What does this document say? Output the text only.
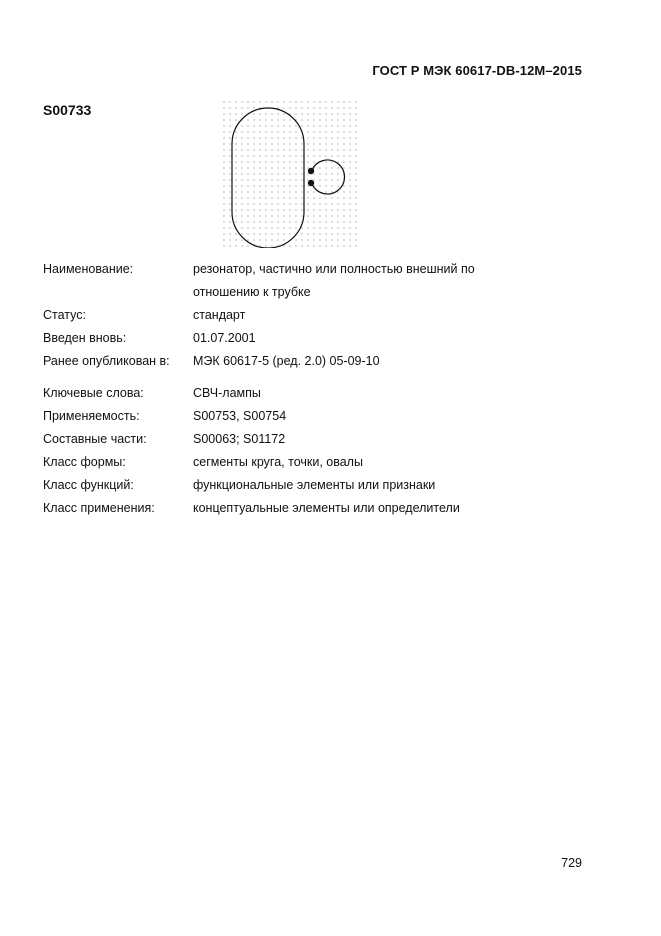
ГОСТ Р МЭК 60617-DB-12M–2015
S00733
Наименование:	резонатор, частично или полностью внешний по отношению к трубке
Статус:	стандарт
Введен вновь:	01.07.2001
Ранее опубликован в: МЭК 60617-5 (ред. 2.0) 05-09-10
Ключевые слова:	СВЧ-лампы
Применяемость:	S00753, S00754
Составные части:	S00063; S01172
Класс формы:	сегменты круга, точки, овалы
Класс функций:	функциональные элементы или признаки
Класс применения:	концептуальные элементы или определители
729
